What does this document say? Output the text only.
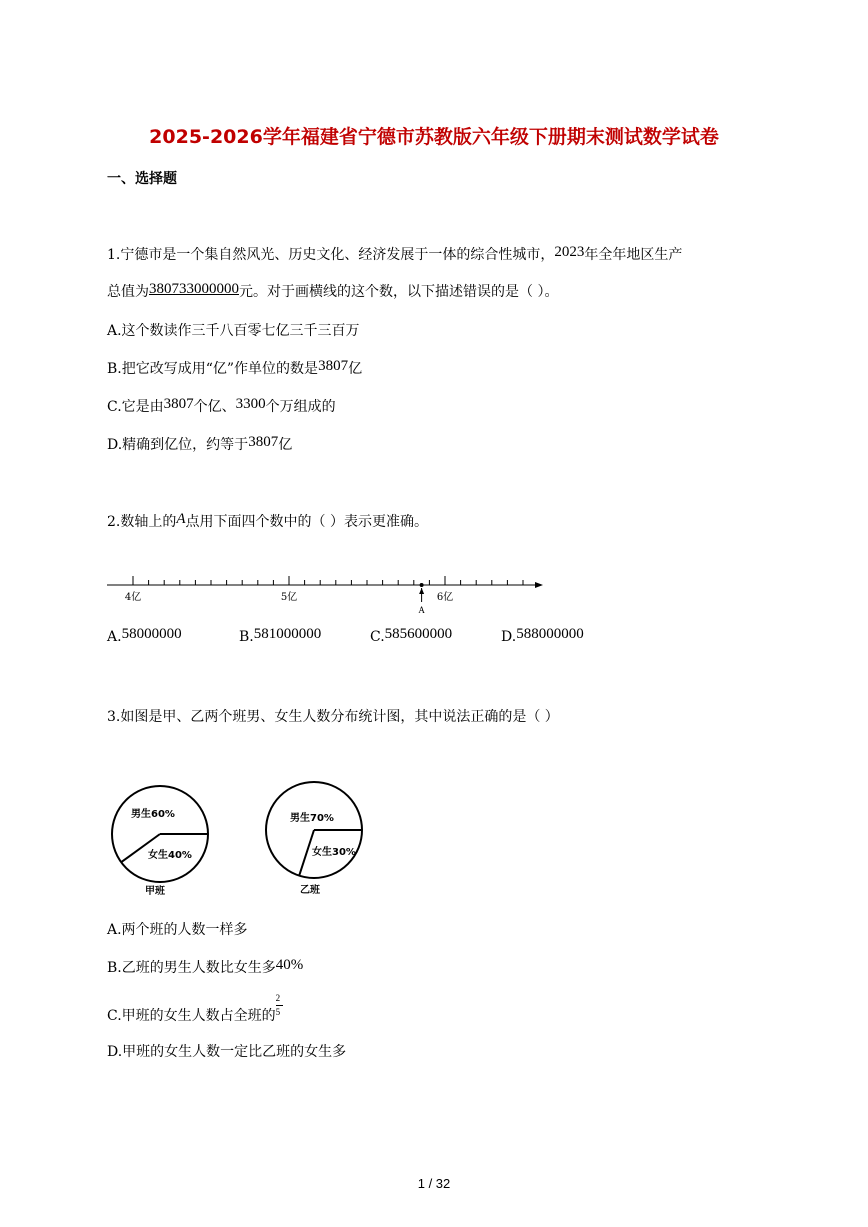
2025-2026学年福建省宁德市苏教版六年级下册期末测试数学试卷
一、选择题
1.宁德市是一个集自然风光、历史文化、经济发展于一体的综合性城市，2023年全年地区生产
总值为380733000000元。对于画横线的这个数，以下描述错误的是（ ）。
A.这个数读作三千八百零七亿三千三百万
B.把它改写成用“亿”作单位的数是3807亿
C.它是由3807个亿、3300个万组成的
D.精确到亿位，约等于3807亿
2.数轴上的A点用下面四个数中的（ ）表示更准确。
4亿	5亿	6亿
A
男生60%
女生40%
甲班
男生70%
女生30%
乙班
A.58000000	B.581000000	C.585600000	D.588000000
3.如图是甲、乙两个班男、女生人数分布统计图，其中说法正确的是（ ）
A.两个班的人数一样多
B.乙班的男生人数比女生多40%
C.甲班的女生人数占全班的 $\frac{2}{5}$
D.甲班的女生人数一定比乙班的女生多
1 / 32
